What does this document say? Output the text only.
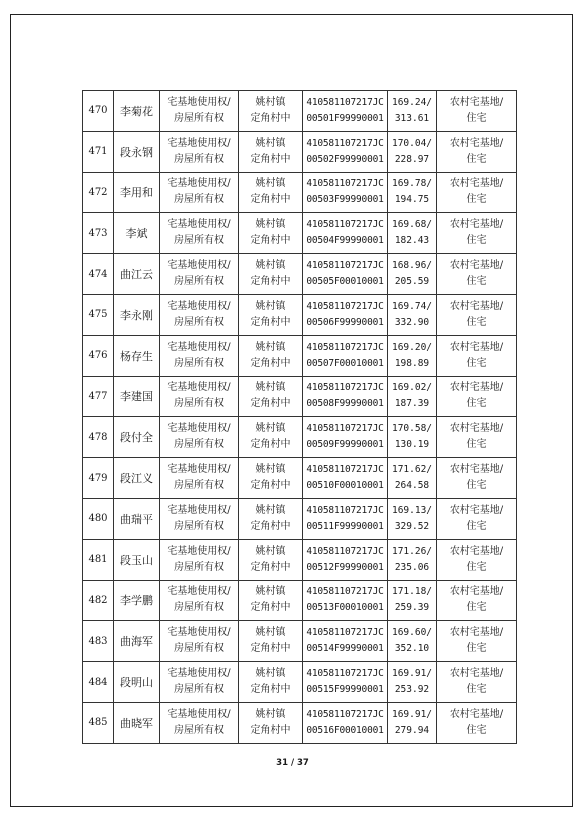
470	李菊花	宅基地使用权/
房屋所有权	姚村镇
定角村中	41058110721​7JC
00501F99990001	169.24/
313.61	农村宅基地/
住宅

471	段永钢	宅基地使用权/
房屋所有权	姚村镇
定角村中	410581107217JC
00502F99990001	170.04/
228.97	农村宅基地/
住宅

472	李用和	宅基地使用权/
房屋所有权	姚村镇
定角村中	410581107217JC
00503F99990001	169.78/
194.75	农村宅基地/
住宅

473	李斌	宅基地使用权/
房屋所有权	姚村镇
定角村中	410581107217JC
00504F99990001	169.68/
182.43	农村宅基地/
住宅

474	曲江云	宅基地使用权/
房屋所有权	姚村镇
定角村中	410581107217JC
00505F00010001	168.96/
205.59	农村宅基地/
住宅

475	李永刚	宅基地使用权/
房屋所有权	姚村镇
定角村中	410581107217JC
00506F99990001	169.74/
332.90	农村宅基地/
住宅

476	杨存生	宅基地使用权/
房屋所有权	姚村镇
定角村中	410581107217JC
00507F00010001	169.20/
198.89	农村宅基地/
住宅

477	李建国	宅基地使用权/
房屋所有权	姚村镇
定角村中	410581107217JC
00508F99990001	169.02/
187.39	农村宅基地/
住宅

478	段付全	宅基地使用权/
房屋所有权	姚村镇
定角村中	410581107217JC
00509F99990001	170.58/
130.19	农村宅基地/
住宅

479	段江义	宅基地使用权/
房屋所有权	姚村镇
定角村中	410581107217JC
00510F00010001	171.62/
264.58	农村宅基地/
住宅

480	曲瑞平	宅基地使用权/
房屋所有权	姚村镇
定角村中	410581107217JC
00511F99990001	169.13/
329.52	农村宅基地/
住宅

481	段玉山	宅基地使用权/
房屋所有权	姚村镇
定角村中	410581107217JC
00512F99990001	171.26/
235.06	农村宅基地/
住宅

482	李学鹏	宅基地使用权/
房屋所有权	姚村镇
定角村中	410581107217JC
00513F00010001	171.18/
259.39	农村宅基地/
住宅

483	曲海军	宅基地使用权/
房屋所有权	姚村镇
定角村中	410581107217JC
00514F99990001	169.60/
352.10	农村宅基地/
住宅

484	段明山	宅基地使用权/
房屋所有权	姚村镇
定角村中	410581107217JC
00515F99990001	169.91/
253.92	农村宅基地/
住宅

485	曲晓军	宅基地使用权/
房屋所有权	姚村镇
定角村中	410581107217JC
00516F00010001	169.91/
279.94	农村宅基地/
住宅
31 / 37
